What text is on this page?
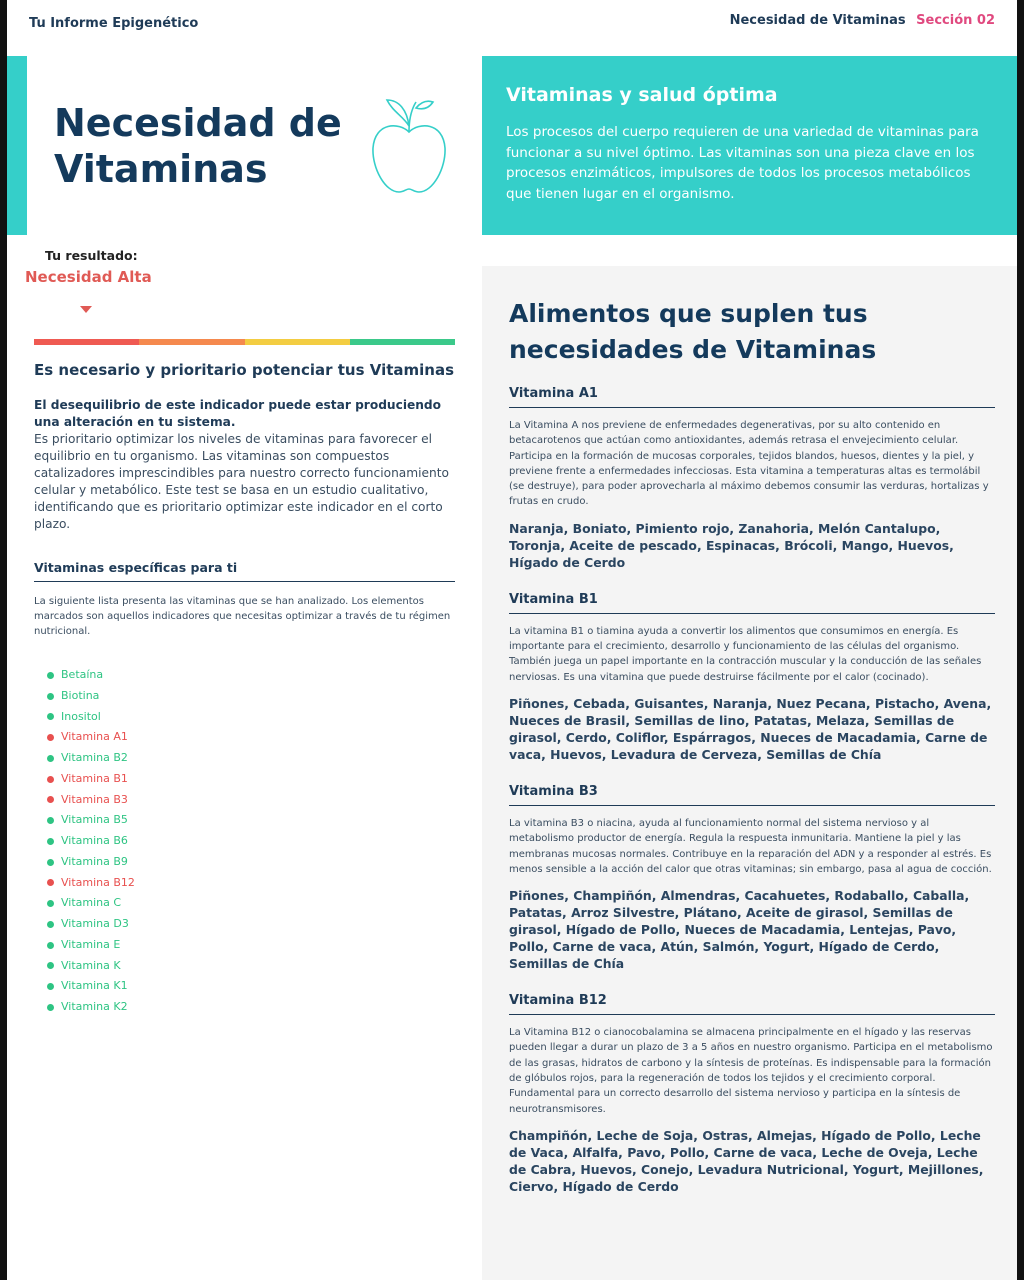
Tu Informe Epigenético	Necesidad de Vitaminas Sección 02
Necesidad de Vitaminas
Vitaminas y salud óptima

Los procesos del cuerpo requieren de una variedad de vitaminas para funcionar a su nivel óptimo. Las vitaminas son una pieza clave en los procesos enzimáticos, impulsores de todos los procesos metabólicos que tienen lugar en el organismo.

Tu resultado:
Necesidad Alta
Es necesario y prioritario potenciar tus Vitaminas
El desequilibrio de este indicador puede estar produciendo una alteración en tu sistema.
Es prioritario optimizar los niveles de vitaminas para favorecer el equilibrio en tu organismo. Las vitaminas son compuestos catalizadores imprescindibles para nuestro correcto funcionamiento celular y metabólico. Este test se basa en un estudio cualitativo, identificando que es prioritario optimizar este indicador en el corto plazo.
Vitaminas específicas para ti
La siguiente lista presenta las vitaminas que se han analizado. Los elementos marcados son aquellos indicadores que necesitas optimizar a través de tu régimen nutricional.
Betaína
Biotina
Inositol
Vitamina A1
Vitamina B2
Vitamina B1
Vitamina B3
Vitamina B5
Vitamina B6
Vitamina B9
Vitamina B12
Vitamina C
Vitamina D3
Vitamina E
Vitamina K
Vitamina K1
Vitamina K2
Alimentos que suplen tus necesidades de Vitaminas
Vitamina A1

La Vitamina A nos previene de enfermedades degenerativas, por su alto contenido en betacarotenos que actúan como antioxidantes, además retrasa el envejecimiento celular. Participa en la formación de mucosas corporales, tejidos blandos, huesos, dientes y la piel, y previene frente a enfermedades infecciosas. Esta vitamina a temperaturas altas es termolábil (se destruye), para poder aprovecharla al máximo debemos consumir las verduras, hortalizas y frutas en crudo.

Naranja, Boniato, Pimiento rojo, Zanahoria, Melón Cantalupo, Toronja, Aceite de pescado, Espinacas, Brócoli, Mango, Huevos, Hígado de Cerdo

Vitamina B1

La vitamina B1 o tiamina ayuda a convertir los alimentos que consumimos en energía. Es importante para el crecimiento, desarrollo y funcionamiento de las células del organismo. También juega un papel importante en la contracción muscular y la conducción de las señales nerviosas. Es una vitamina que puede destruirse fácilmente por el calor (cocinado).

Piñones, Cebada, Guisantes, Naranja, Nuez Pecana, Pistacho, Avena, Nueces de Brasil, Semillas de lino, Patatas, Melaza, Semillas de girasol, Cerdo, Coliflor, Espárragos, Nueces de Macadamia, Carne de vaca, Huevos, Levadura de Cerveza, Semillas de Chía

Vitamina B3

La vitamina B3 o niacina, ayuda al funcionamiento normal del sistema nervioso y al metabolismo productor de energía. Regula la respuesta inmunitaria. Mantiene la piel y las membranas mucosas normales. Contribuye en la reparación del ADN y a responder al estrés. Es menos sensible a la acción del calor que otras vitaminas; sin embargo, pasa al agua de cocción.

Piñones, Champiñón, Almendras, Cacahuetes, Rodaballo, Caballa, Patatas, Arroz Silvestre, Plátano, Aceite de girasol, Semillas de girasol, Hígado de Pollo, Nueces de Macadamia, Lentejas, Pavo, Pollo, Carne de vaca, Atún, Salmón, Yogurt, Hígado de Cerdo, Semillas de Chía

Vitamina B12

La Vitamina B12 o cianocobalamina se almacena principalmente en el hígado y las reservas pueden llegar a durar un plazo de 3 a 5 años en nuestro organismo. Participa en el metabolismo de las grasas, hidratos de carbono y la síntesis de proteínas. Es indispensable para la formación de glóbulos rojos, para la regeneración de todos los tejidos y el crecimiento corporal. Fundamental para un correcto desarrollo del sistema nervioso y participa en la síntesis de neurotransmisores.

Champiñón, Leche de Soja, Ostras, Almejas, Hígado de Pollo, Leche de Vaca, Alfalfa, Pavo, Pollo, Carne de vaca, Leche de Oveja, Leche de Cabra, Huevos, Conejo, Levadura Nutricional, Yogurt, Mejillones, Ciervo, Hígado de Cerdo
